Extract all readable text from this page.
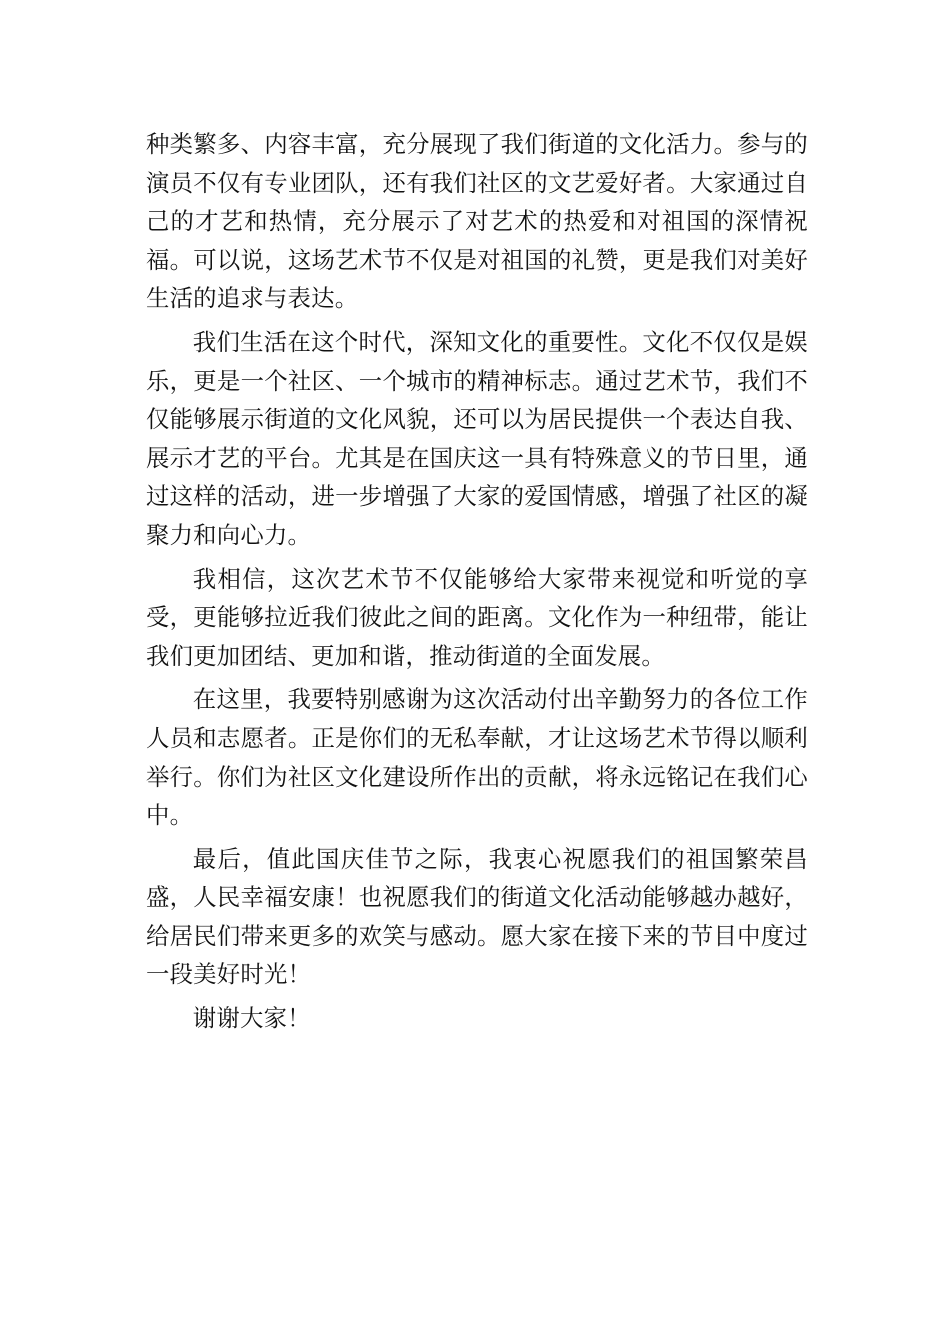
种类繁多、内容丰富，充分展现了我们街道的文化活力。参与的演员不仅有专业团队，还有我们社区的文艺爱好者。大家通过自己的才艺和热情，充分展示了对艺术的热爱和对祖国的深情祝福。可以说，这场艺术节不仅是对祖国的礼赞，更是我们对美好生活的追求与表达。

我们生活在这个时代，深知文化的重要性。文化不仅仅是娱乐，更是一个社区、一个城市的精神标志。通过艺术节，我们不仅能够展示街道的文化风貌，还可以为居民提供一个表达自我、展示才艺的平台。尤其是在国庆这一具有特殊意义的节日里，通过这样的活动，进一步增强了大家的爱国情感，增强了社区的凝聚力和向心力。

我相信，这次艺术节不仅能够给大家带来视觉和听觉的享受，更能够拉近我们彼此之间的距离。文化作为一种纽带，能让我们更加团结、更加和谐，推动街道的全面发展。

在这里，我要特别感谢为这次活动付出辛勤努力的各位工作人员和志愿者。正是你们的无私奉献，才让这场艺术节得以顺利举行。你们为社区文化建设所作出的贡献，将永远铭记在我们心中。

最后，值此国庆佳节之际，我衷心祝愿我们的祖国繁荣昌盛，人民幸福安康！也祝愿我们的街道文化活动能够越办越好，给居民们带来更多的欢笑与感动。愿大家在接下来的节目中度过一段美好时光！

谢谢大家！
